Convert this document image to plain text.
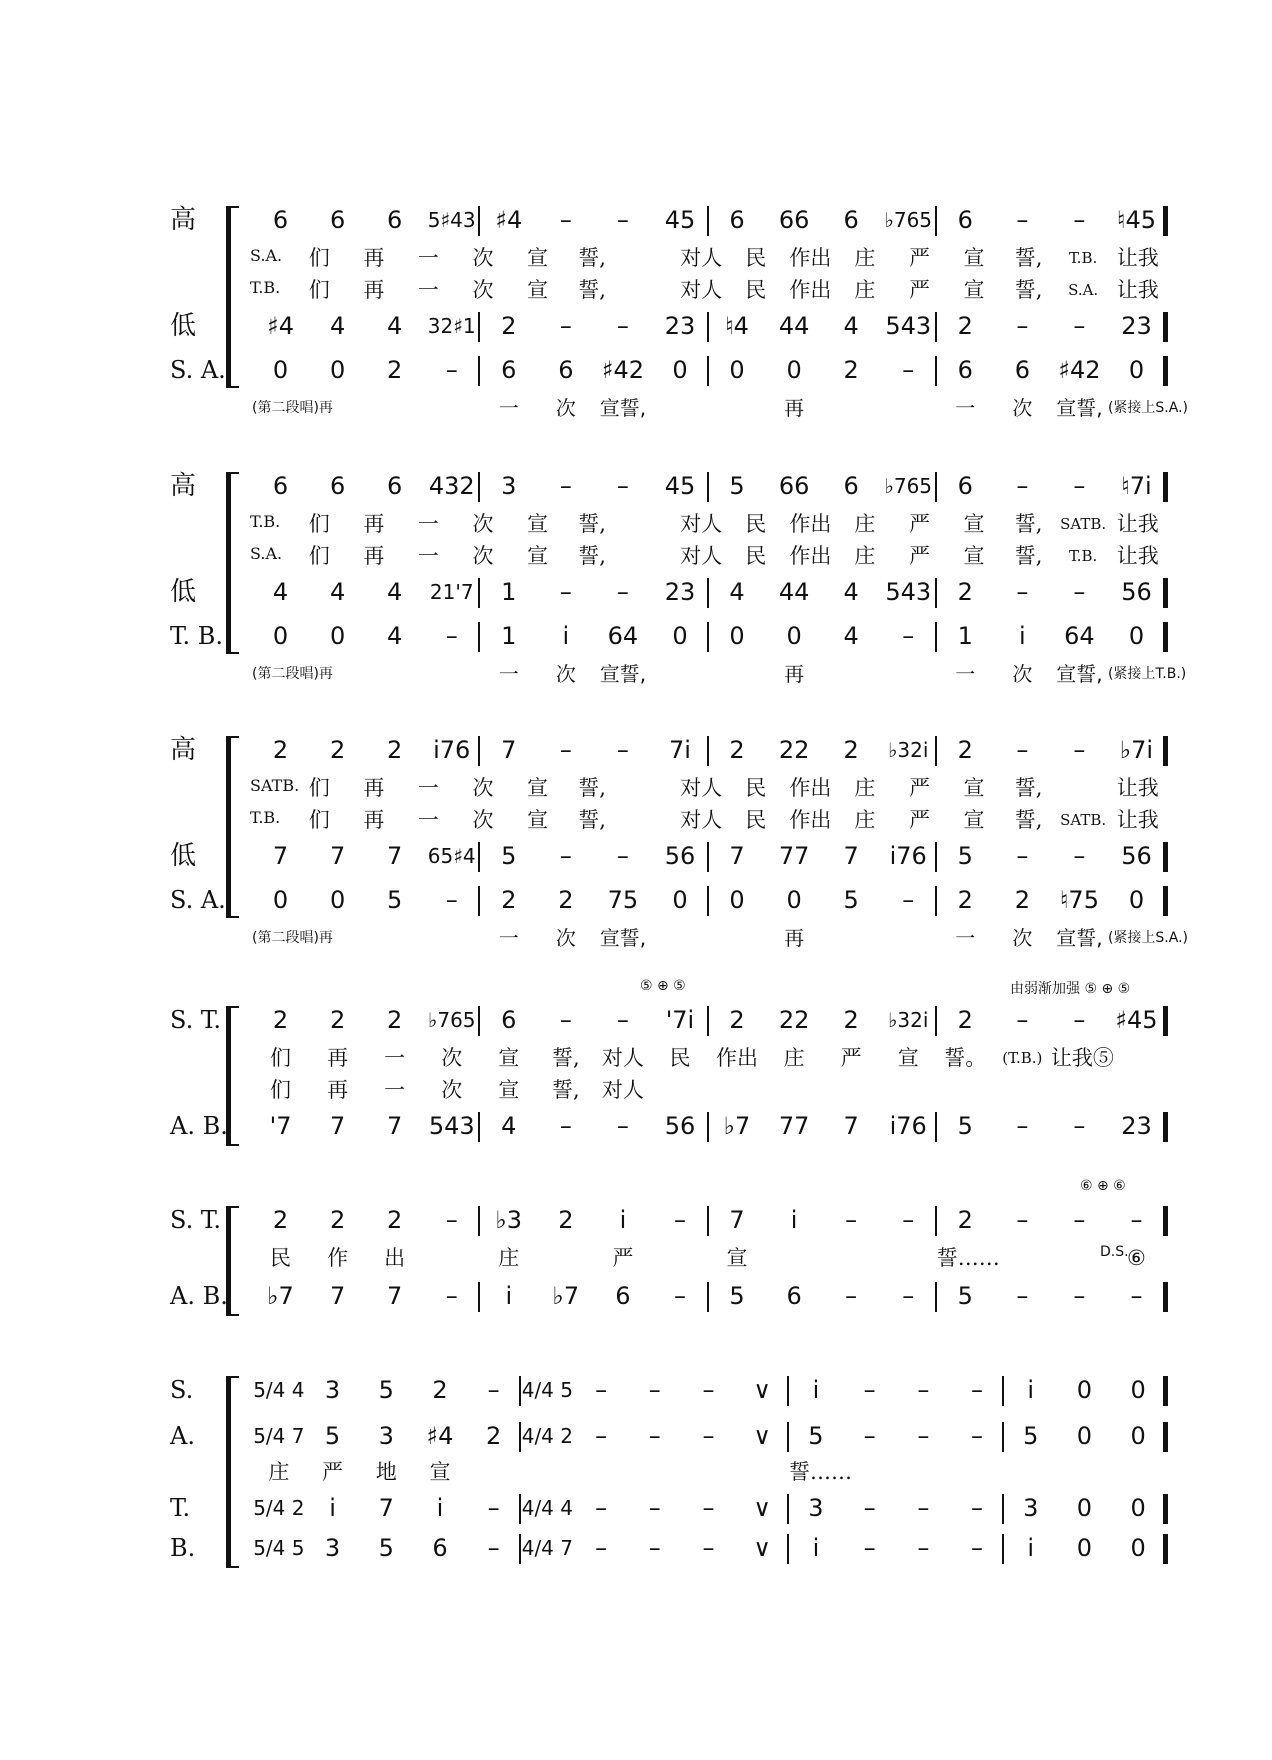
高	6	6	6	5♯43 ♯4	–	–	45	6	66	6	♭765	6	–	–	♮45
S.A.	们	再	一	次	宣	誓,	对人	民	作出	庄	严	宣	誓,	T.B. 让我
T.B.	们	再	一	次	宣	誓,	对人	民	作出	庄	严	宣	誓,	S.A. 让我
低	♯4	4	4	32♯1	2	–	–	23	♮4	44	4	543	2	–	–	23
S. A.	0	0	2	–	6	6	♯42	0	0	0	2	–	6	6	♯42	0
(第二段唱)再	一	次	宣誓,	再	一	次	宣誓, (紧接上S.A.)
高	6	6	6	432	3	–	–	45	5	66	6	♭765	6	–	–	♮7i
T.B.	们	再	一	次	宣	誓,	对人	民	作出	庄	严	宣	誓,	SATB. 让我
S.A.	们	再	一	次	宣	誓,	对人	民	作出	庄	严	宣	誓,	T.B. 让我
低	4	4	4	21'7	1	–	–	23	4	44	4	543	2	–	–	56
T. B.	0	0	4	–	1	i	64	0	0	0	4	–	1	i	64	0
(第二段唱)再	一	次	宣誓,	再	一	次	宣誓, (紧接上T.B.)
高	2	2	2	i76	7	–	–	7i	2	22	2	♭32i	2	–	–	♭7i
SATB. 们	再	一	次	宣	誓,	对人	民	作出	庄	严	宣	誓,	让我
T.B.	们	再	一	次	宣	誓,	对人	民	作出	庄	严	宣	誓,	SATB. 让我
低	7	7	7	65♯4	5	–	–	56	7	77	7	i76	5	–	–	56
S. A.	0	0	5	–	2	2	75	0	0	0	5	–	2	2	♮75	0
(第二段唱)再	一	次	宣誓,	再	一	次	宣誓, (紧接上S.A.)
S. T.	2	2	2	♭765	6	–	–	'7i	2	22	2	♭32i	2	–	–	♯45
们	再	一	次	宣	誓,	对人	民	作出	庄	严	宣	誓。	(T.B.) 让我⑤
们	再	一	次	宣	誓,	对人
A. B.	'7	7	7	543	4	–	–	56	♭7	77	7	i76	5	–	–	23
⑤ ⊕ ⑤	由弱渐加强 ⑤ ⊕ ⑤
S. T.	2	2	2	–	♭3	2	i	–	7	i	–	–	2	–	–	–
民	作	出	庄	严	宣	誓……	⑥
A. B.	♭7	7	7	–	i	♭7	6	–	5	6	–	–	5	–	–	–
⑥ ⊕ ⑥
D.S.
S.	5/4 4 3	5	2	–	4/4 5 –	–	–	∨	i	–	–	–	i	0	0
A.	5/4 7 5	3	♯4	2	4/4 2 –	–	–	∨	5	–	–	–	5	0	0
庄	严	地	宣	誓……
T.	5/4 2	i	7	i	–	4/4 4 –	–	–	∨	3	–	–	–	3	0	0
B.	5/4 5 3	5	6	–	4/4 7 –	–	–	∨	i	–	–	–	i	0	0
